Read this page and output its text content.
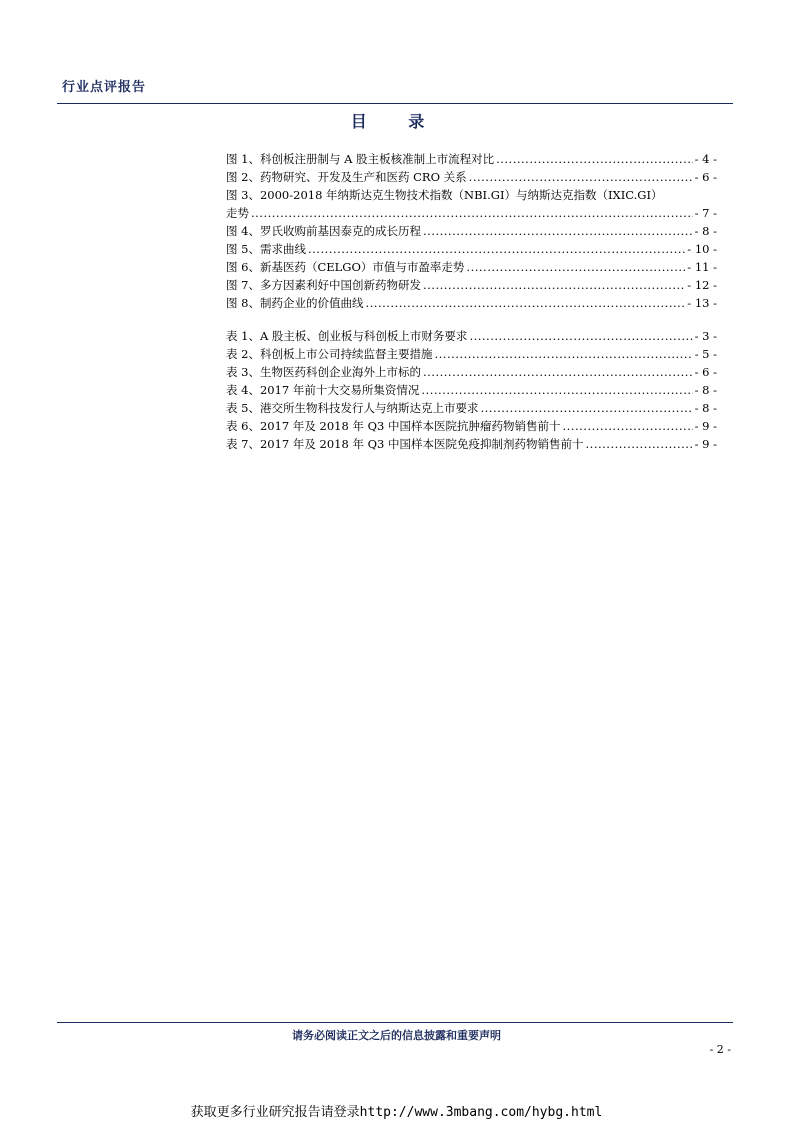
行业点评报告
目 录
图 1、科创板注册制与 A 股主板核准制上市流程对比 .....	- 4 -
图 2、药物研究、开发及生产和医药 CRO 关系 .....	- 6 -
图 3、2000-2018 年纳斯达克生物技术指数（NBI.GI）与纳斯达克指数（IXIC.GI）
走势 .....	- 7 -
图 4、罗氏收购前基因泰克的成长历程 .....	- 8 -
图 5、需求曲线 .....	- 10 -
图 6、新基医药（CELGO）市值与市盈率走势 .....	- 11 -
图 7、多方因素利好中国创新药物研发 .....	- 12 -
图 8、制药企业的价值曲线 .....	- 13 -
表 1、A 股主板、创业板与科创板上市财务要求 .....	- 3 -
表 2、科创板上市公司持续监督主要措施 .....	- 5 -
表 3、生物医药科创企业海外上市标的 .....	- 6 -
表 4、2017 年前十大交易所集资情况 .....	- 8 -
表 5、港交所生物科技发行人与纳斯达克上市要求 .....	- 8 -
表 6、2017 年及 2018 年 Q3 中国样本医院抗肿瘤药物销售前十 .....	- 9 -
表 7、2017 年及 2018 年 Q3 中国样本医院免疫抑制剂药物销售前十 .....	- 9 -
请务必阅读正文之后的信息披露和重要声明
- 2 -
获取更多行业研究报告请登录http://www.3mbang.com/hybg.html
